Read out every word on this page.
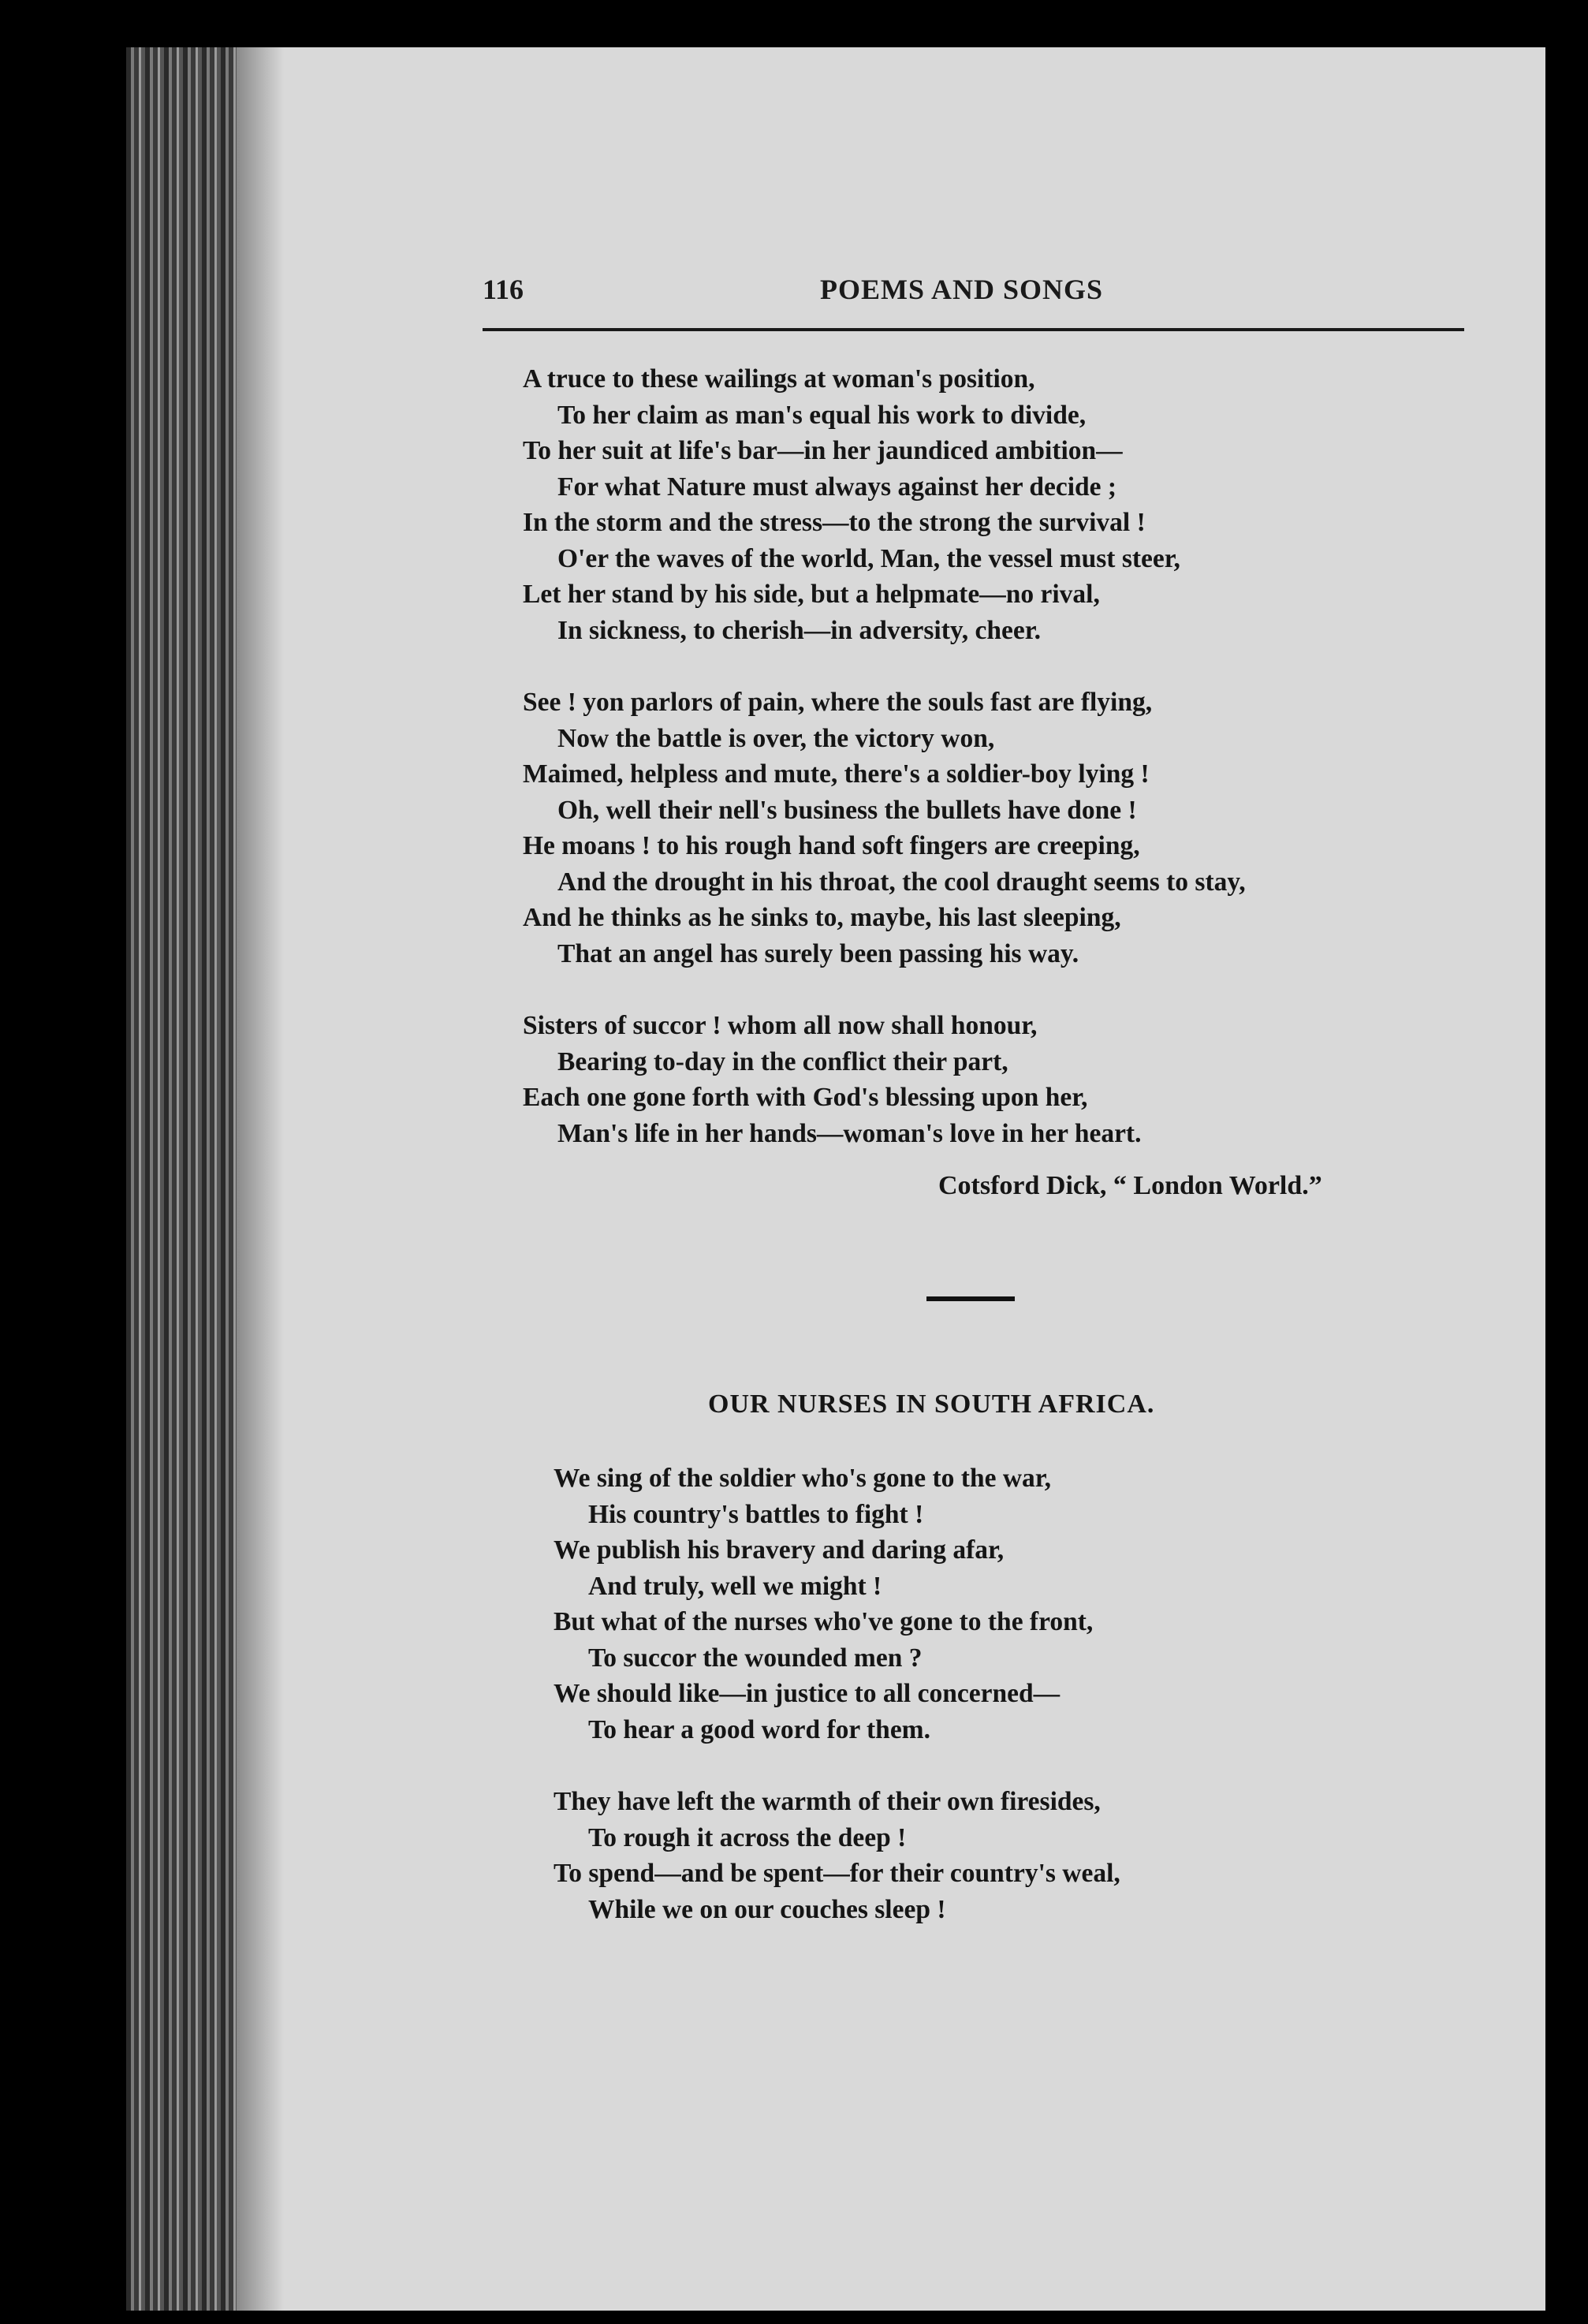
116	POEMS AND SONGS
A truce to these wailings at woman's position,
To her claim as man's equal his work to divide,
To her suit at life's bar—in her jaundiced ambition—
For what Nature must always against her decide ;
In the storm and the stress—to the strong the survival !
O'er the waves of the world, Man, the vessel must steer,
Let her stand by his side, but a helpmate—no rival,
In sickness, to cherish—in adversity, cheer.
See ! yon parlors of pain, where the souls fast are flying,
Now the battle is over, the victory won,
Maimed, helpless and mute, there's a soldier-boy lying !
Oh, well their nell's business the bullets have done !
He moans ! to his rough hand soft fingers are creeping,
And the drought in his throat, the cool draught seems to stay,
And he thinks as he sinks to, maybe, his last sleeping,
That an angel has surely been passing his way.
Sisters of succor ! whom all now shall honour,
Bearing to-day in the conflict their part,
Each one gone forth with God's blessing upon her,
Man's life in her hands—woman's love in her heart.
Cotsford Dick, “ London World.”
OUR NURSES IN SOUTH AFRICA.
We sing of the soldier who's gone to the war,
His country's battles to fight !
We publish his bravery and daring afar,
And truly, well we might !
But what of the nurses who've gone to the front,
To succor the wounded men ?
We should like—in justice to all concerned—
To hear a good word for them.
They have left the warmth of their own firesides,
To rough it across the deep !
To spend—and be spent—for their country's weal,
While we on our couches sleep !
